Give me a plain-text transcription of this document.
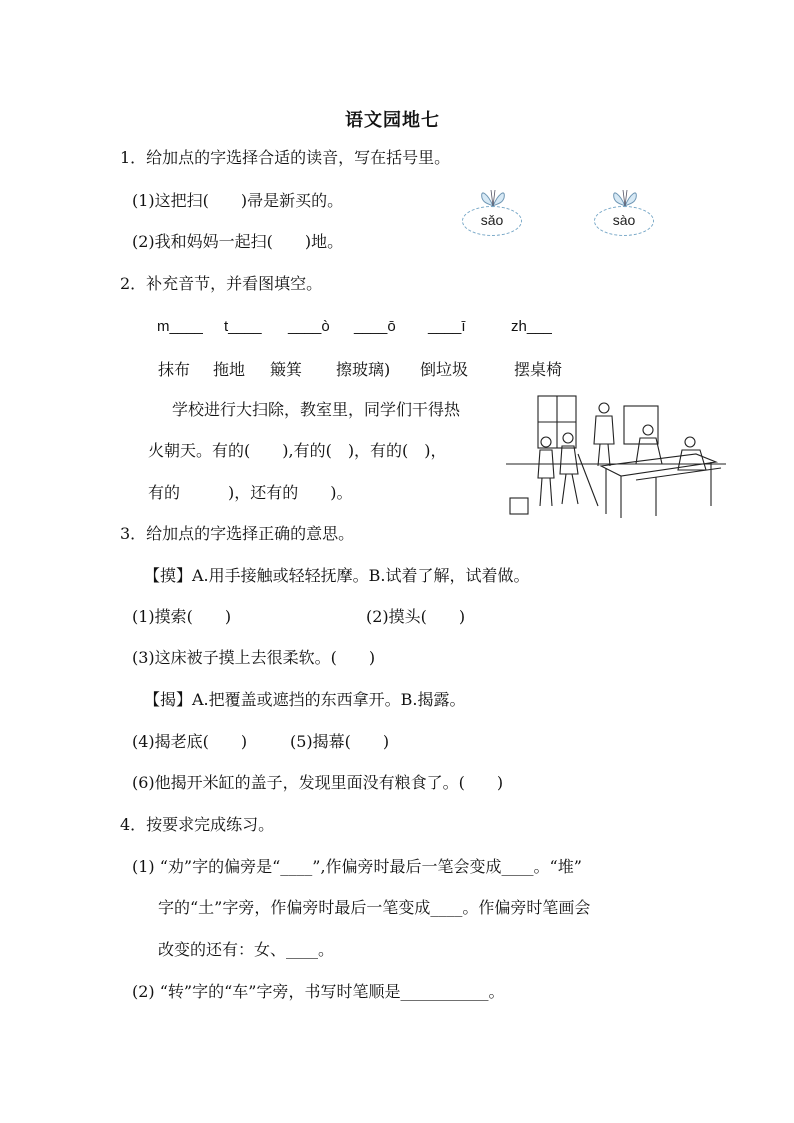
语文园地七
1．给加点的字选择合适的读音，写在括号里。
(1)这把扫(　　)帚是新买的。
(2)我和妈妈一起扫(　　)地。
sǎo	sào
2．补充音节，并看图填空。
m____ t____ ____ò ____ō ____ī	zh___
抹布 拖地 簸箕 擦玻璃) 倒垃圾	摆桌椅
　学校进行大扫除，教室里，同学们干得热
火朝天。有的(　　),有的(　)，有的(　)，
有的　　　)，还有的　　)。
3．给加点的字选择正确的意思。
【摸】A.用手接触或轻轻抚摩。B.试着了解，试着做。
(1)摸索(　　)	(2)摸头(　　)
(3)这床被子摸上去很柔软。(　　)
【揭】A.把覆盖或遮挡的东西拿开。B.揭露。
(4)揭老底(　　)	(5)揭幕(　　)
(6)他揭开米缸的盖子，发现里面没有粮食了。(　　)
4．按要求完成练习。
(1) “劝”字的偏旁是“____”,作偏旁时最后一笔会变成____。“堆”
字的“土”字旁，作偏旁时最后一笔变成____。作偏旁时笔画会
改变的还有：女、____。
(2) “转”字的“车”字旁，书写时笔顺是___________。
